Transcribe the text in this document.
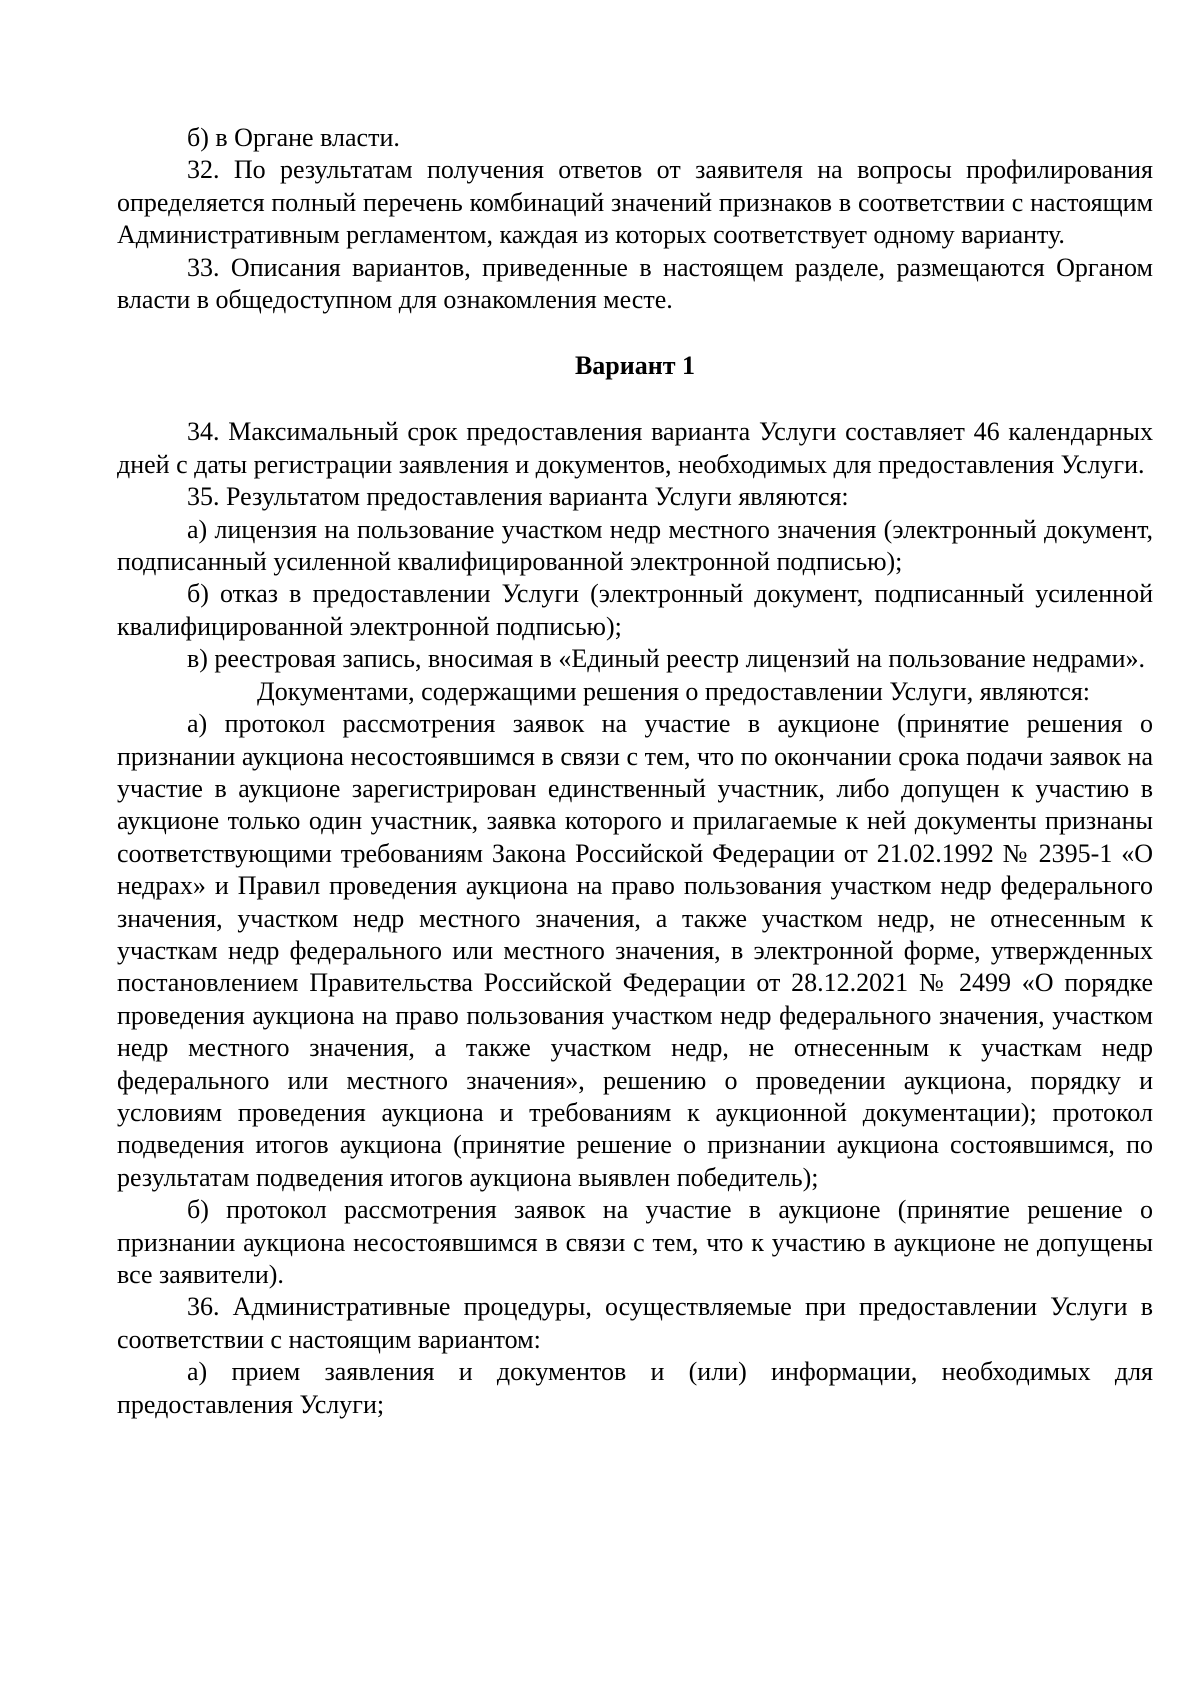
б) в Органе власти.

32. По результатам получения ответов от заявителя на вопросы профилирования определяется полный перечень комбинаций значений признаков в соответствии с настоящим Административным регламентом, каждая из которых соответствует одному варианту.

33. Описания вариантов, приведенные в настоящем разделе, размещаются Органом власти в общедоступном для ознакомления месте.

Вариант 1

34. Максимальный срок предоставления варианта Услуги составляет 46 календарных дней с даты регистрации заявления и документов, необходимых для предоставления Услуги.

35. Результатом предоставления варианта Услуги являются:

а) лицензия на пользование участком недр местного значения (электронный документ, подписанный усиленной квалифицированной электронной подписью);

б) отказ в предоставлении Услуги (электронный документ, подписанный усиленной квалифицированной электронной подписью);

в) реестровая запись, вносимая в «Единый реестр лицензий на пользование недрами».

Документами, содержащими решения о предоставлении Услуги, являются:

а) протокол рассмотрения заявок на участие в аукционе (принятие решения о признании аукциона несостоявшимся в связи с тем, что по окончании срока подачи заявок на участие в аукционе зарегистрирован единственный участник, либо допущен к участию в аукционе только один участник, заявка которого и прилагаемые к ней документы признаны соответствующими требованиям Закона Российской Федерации от 21.02.1992 № 2395-1 «О недрах» и Правил проведения аукциона на право пользования участком недр федерального значения, участком недр местного значения, а также участком недр, не отнесенным к участкам недр федерального или местного значения, в электронной форме, утвержденных постановлением Правительства Российской Федерации от 28.12.2021 № 2499 «О порядке проведения аукциона на право пользования участком недр федерального значения, участком недр местного значения, а также участком недр, не отнесенным к участкам недр федерального или местного значения», решению о проведении аукциона, порядку и условиям проведения аукциона и требованиям к аукционной документации); протокол подведения итогов аукциона (принятие решение о признании аукциона состоявшимся, по результатам подведения итогов аукциона выявлен победитель);

б) протокол рассмотрения заявок на участие в аукционе (принятие решение о признании аукциона несостоявшимся в связи с тем, что к участию в аукционе не допущены все заявители).

36. Административные процедуры, осуществляемые при предоставлении Услуги в соответствии с настоящим вариантом:

а) прием заявления и документов и (или) информации, необходимых для предоставления Услуги;
